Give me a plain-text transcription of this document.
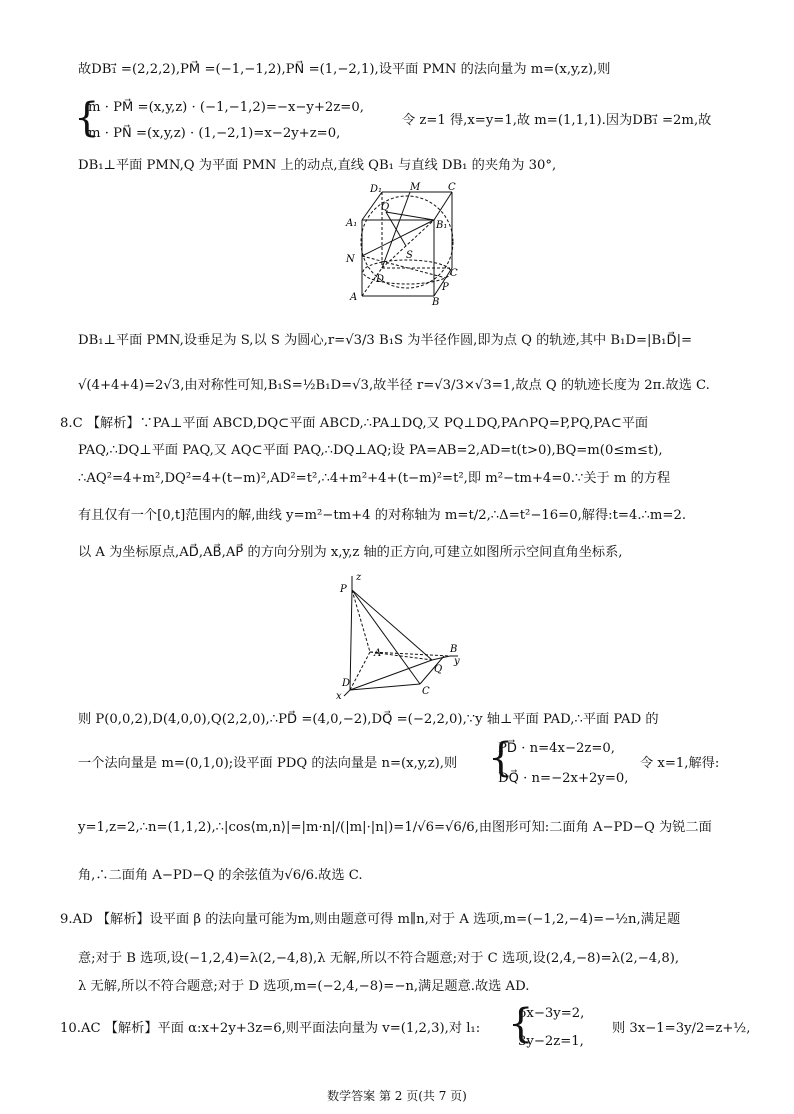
故DB₁⃗ =(2,2,2),PM⃗ =(−1,−1,2),PN⃗ =(1,−2,1),设平面 PMN 的法向量为 m=(x,y,z),则
{
m · PM⃗ =(x,y,z) · (−1,−1,2)=−x−y+2z=0,
m · PN⃗ =(x,y,z) · (1,−2,1)=x−2y+z=0,
令 z=1 得,x=y=1,故 m=(1,1,1).因为DB₁⃗ =2m,故
DB₁⊥平面 PMN,Q 为平面 PMN 上的动点,直线 QB₁ 与直线 DB₁ 的夹角为 30°,
D₁	M	C
Q
A₁	B₁
S
N
D
P
C
A	B
DB₁⊥平面 PMN,设垂足为 S,以 S 为圆心,r=√3/3 B₁S 为半径作圆,即为点 Q 的轨迹,其中 B₁D=|B₁D⃗|=
√(4+4+4)=2√3,由对称性可知,B₁S=½B₁D=√3,故半径 r=√3/3×√3=1,故点 Q 的轨迹长度为 2π.故选 C.
8.C 【解析】∵PA⊥平面 ABCD,DQ⊂平面 ABCD,∴PA⊥DQ,又 PQ⊥DQ,PA∩PQ=P,PQ,PA⊂平面
PAQ,∴DQ⊥平面 PAQ,又 AQ⊂平面 PAQ,∴DQ⊥AQ;设 PA=AB=2,AD=t(t>0),BQ=m(0≤m≤t),
∴AQ²=4+m²,DQ²=4+(t−m)²,AD²=t²,∴4+m²+4+(t−m)²=t²,即 m²−tm+4=0.∵关于 m 的方程
有且仅有一个[0,t]范围内的解,曲线 y=m²−tm+4 的对称轴为 m=t/2,∴Δ=t²−16=0,解得:t=4.∴m=2.
以 A 为坐标原点,AD⃗,AB⃗,AP⃗ 的方向分别为 x,y,z 轴的正方向,可建立如图所示空间直角坐标系,
z
P
A	B
y
D
Q
C
x
则 P(0,0,2),D(4,0,0),Q(2,2,0),∴PD⃗ =(4,0,−2),DQ⃗ =(−2,2,0),∵y 轴⊥平面 PAD,∴平面 PAD 的
一个法向量是 m=(0,1,0);设平面 PDQ 的法向量是 n=(x,y,z),则 {
PD⃗ · n=4x−2z=0,
DQ⃗ · n=−2x+2y=0,
令 x=1,解得:
y=1,z=2,∴n=(1,1,2),∴|cos⟨m,n⟩|=|m·n|/(|m|·|n|)=1/√6=√6/6,由图形可知:二面角 A−PD−Q 为锐二面
角,∴二面角 A−PD−Q 的余弦值为√6/6.故选 C.
9.AD 【解析】设平面 β 的法向量可能为m,则由题意可得 m∥n,对于 A 选项,m=(−1,2,−4)=−½n,满足题
意;对于 B 选项,设(−1,2,4)=λ(2,−4,8),λ 无解,所以不符合题意;对于 C 选项,设(2,4,−8)=λ(2,−4,8),
λ 无解,所以不符合题意;对于 D 选项,m=(−2,4,−8)=−n,满足题意.故选 AD.
10.AC 【解析】平面 α:x+2y+3z=6,则平面法向量为 v=(1,2,3),对 l₁: {
6x−3y=2,
3y−2z=1,
则 3x−1=3y/2=z+½,
数学答案 第 2 页(共 7 页)
